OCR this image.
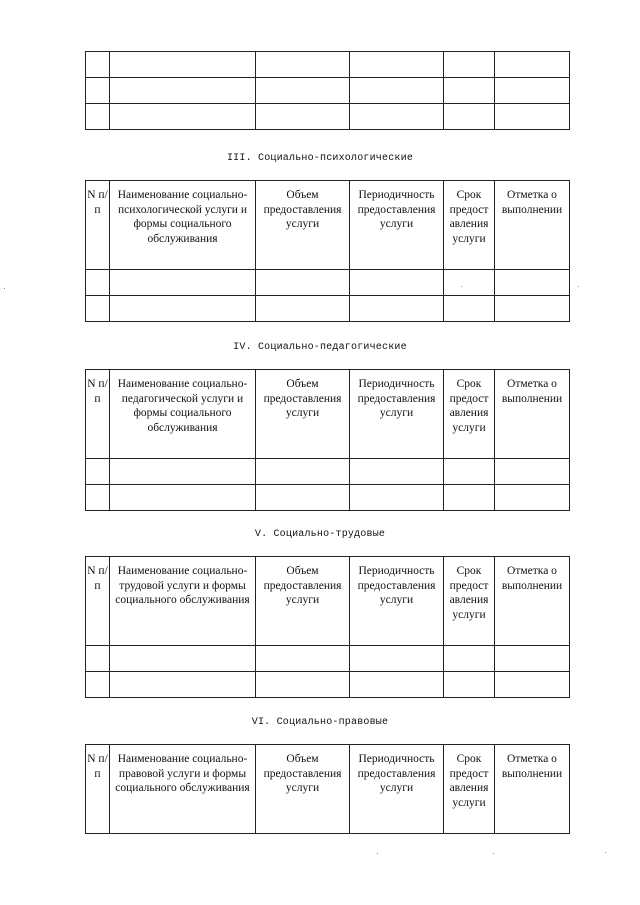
III. Социально-психологические
N п/п	Наименование социально-психологической услуги и формы социального обслуживания	Объем предоставления услуги	Периодичность предоставления услуги	Срок предост авления услуги	Отметка о выполнении

IV. Социально-педагогические
N п/п	Наименование социально-педагогической услуги и формы социального обслуживания	Объем предоставления услуги	Периодичность предоставления услуги	Срок предост авления услуги	Отметка о выполнении

V. Социально-трудовые
N п/п	Наименование социально-трудовой услуги и формы социального обслуживания	Объем предоставления услуги	Периодичность предоставления услуги	Срок предост авления услуги	Отметка о выполнении

VI. Социально-правовые
N п/п	Наименование социально-правовой услуги и формы социального обслуживания	Объем предоставления услуги	Периодичность предоставления услуги	Срок предост авления услуги	Отметка о выполнении
